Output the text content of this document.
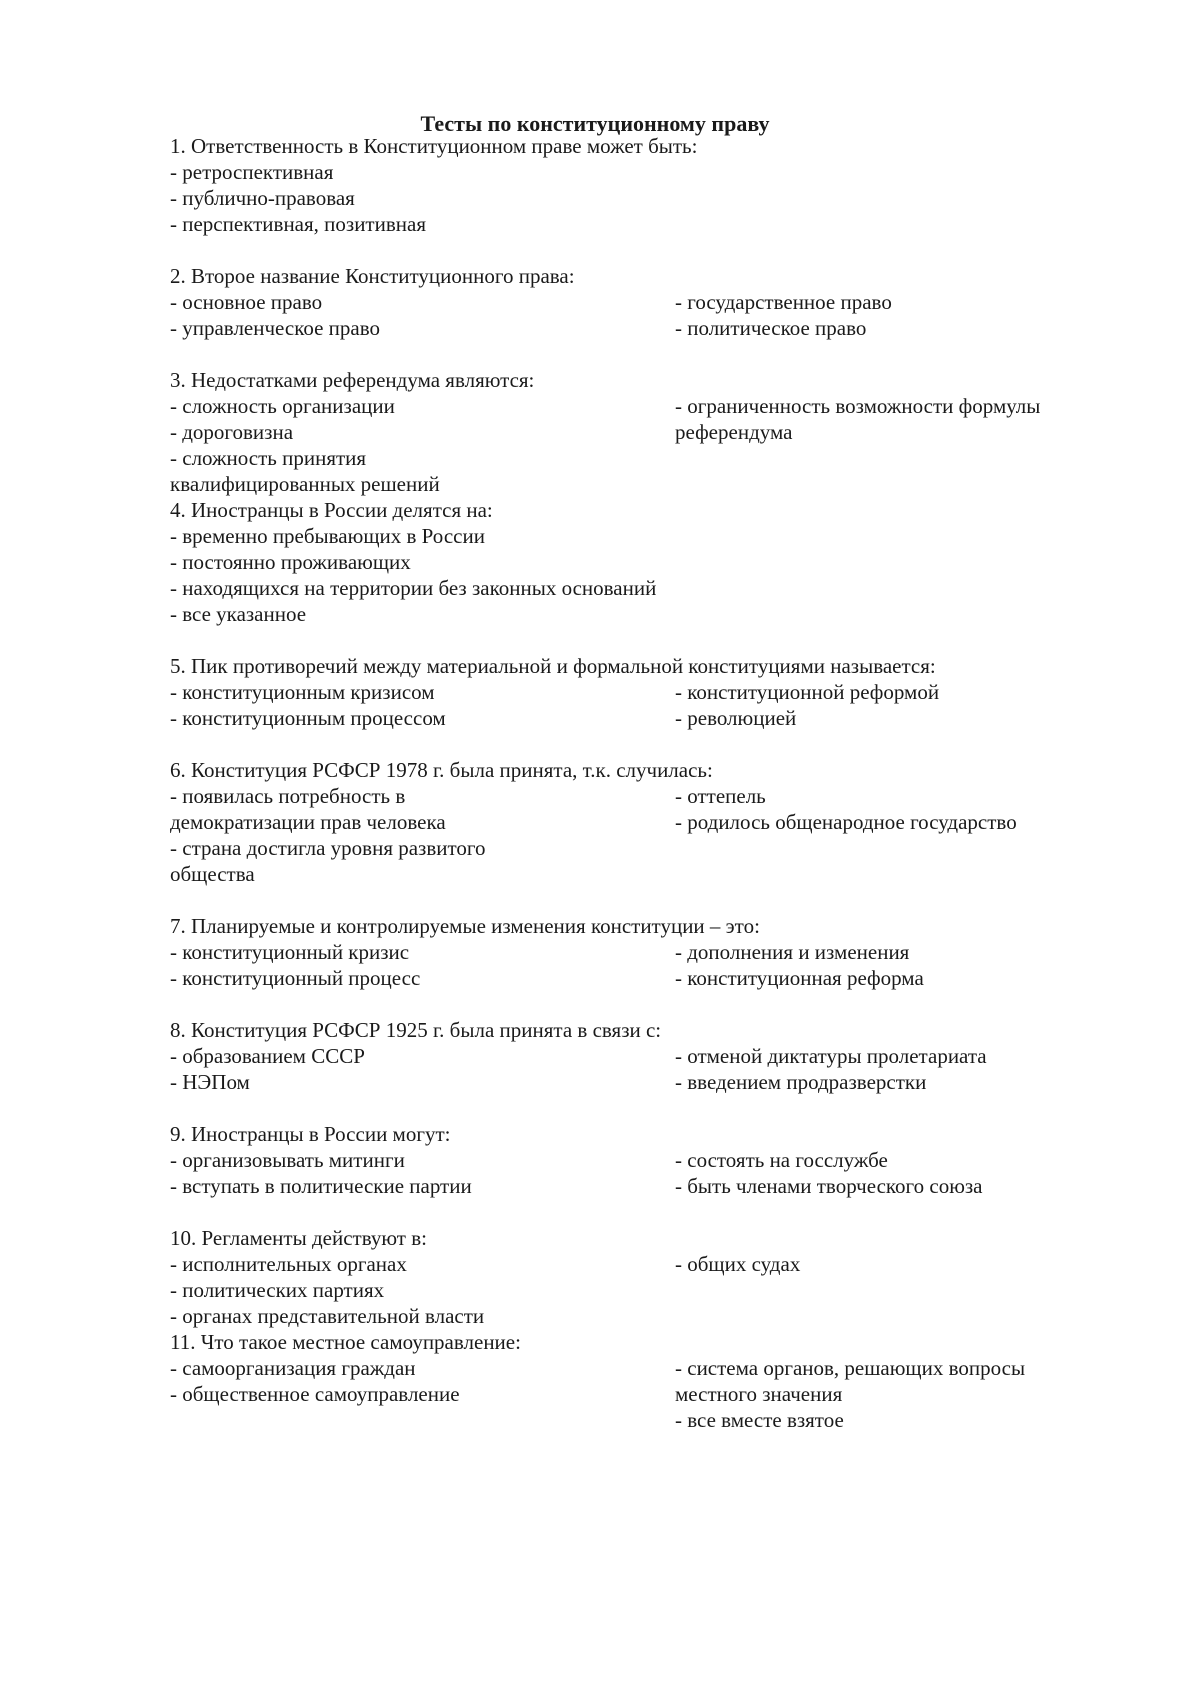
Тесты по конституционному праву
1. Ответственность в Конституционном праве может быть:
- ретроспективная
- публично-правовая
- перспективная, позитивная
2. Второе название Конституционного права:
- основное право	- государственное право
- управленческое право	- политическое право
3. Недостатками референдума являются:
- сложность организации	- ограниченность возможности формулы
- дороговизна	референдума
- сложность принятия
квалифицированных решений
4. Иностранцы в России делятся на:
- временно пребывающих в России
- постоянно проживающих
- находящихся на территории без законных оснований
- все указанное
5. Пик противоречий между материальной и формальной конституциями называется:
- конституционным кризисом	- конституционной реформой
- конституционным процессом	- революцией
6. Конституция РСФСР 1978 г. была принята, т.к. случилась:
- появилась потребность в	- оттепель
демократизации прав человека	- родилось общенародное государство
- страна достигла уровня развитого
общества
7. Планируемые и контролируемые изменения конституции – это:
- конституционный кризис	- дополнения и изменения
- конституционный процесс	- конституционная реформа
8. Конституция РСФСР 1925 г. была принята в связи с:
- образованием СССР	- отменой диктатуры пролетариата
- НЭПом	- введением продразверстки
9. Иностранцы в России могут:
- организовывать митинги	- состоять на госслужбе
- вступать в политические партии	- быть членами творческого союза
10. Регламенты действуют в:
- исполнительных органах	- общих судах
- политических партиях
- органах представительной власти
11. Что такое местное самоуправление:
- самоорганизация граждан	- система органов, решающих вопросы
- общественное самоуправление	местного значения
- все вместе взятое
